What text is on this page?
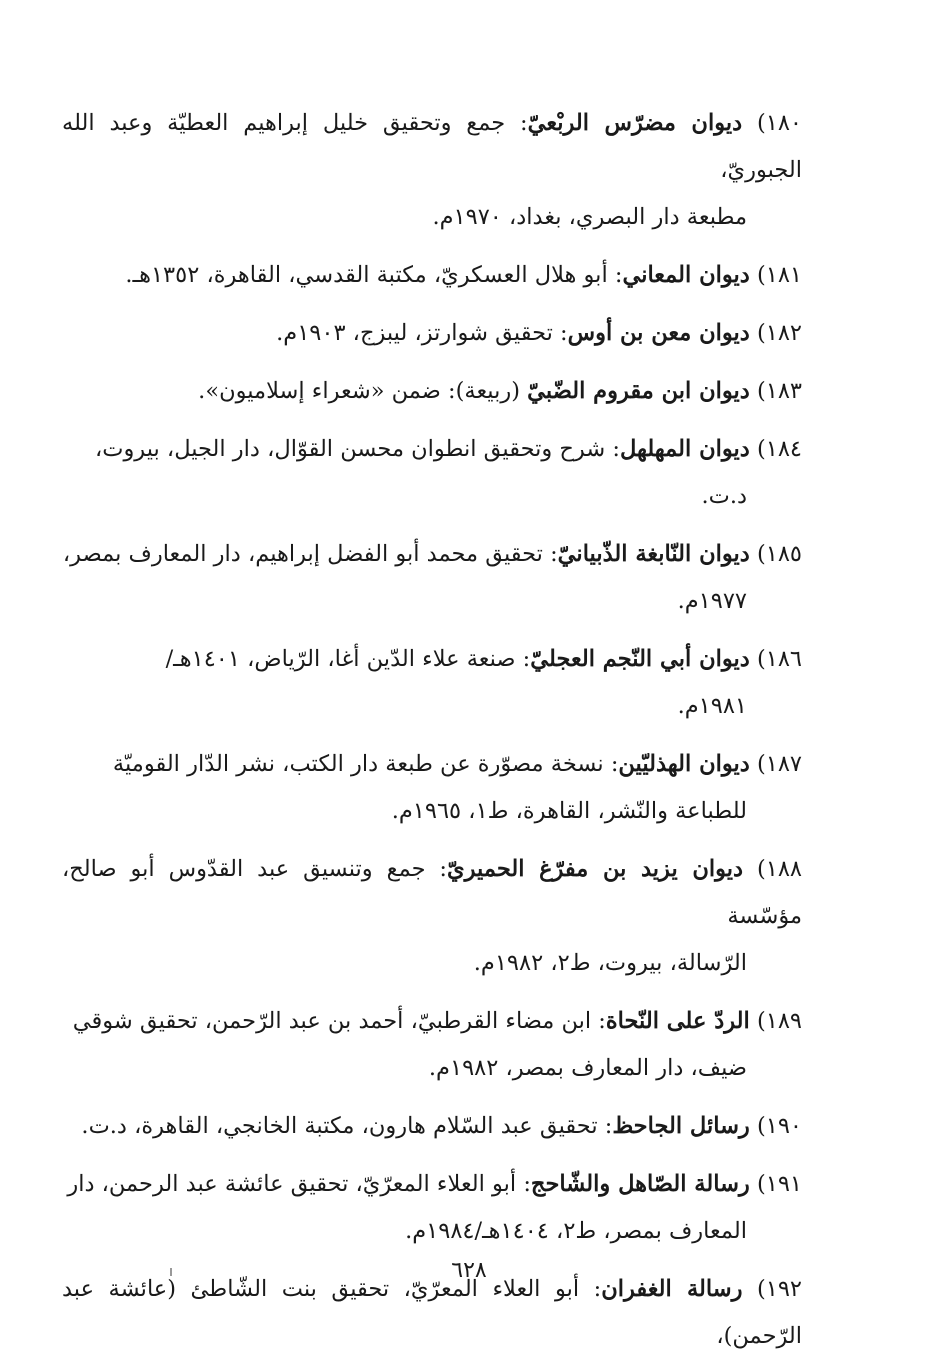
١٨٠) ديوان مضرّس الربْعيّ: جمع وتحقيق خليل إبراهيم العطيّة وعبد الله الجبوريّ،
مطبعة دار البصري، بغداد، ١٩٧٠م.
١٨١) ديوان المعاني: أبو هلال العسكريّ، مكتبة القدسي، القاهرة، ١٣٥٢هـ.
١٨٢) ديوان معن بن أوس: تحقيق شوارتز، ليبزج، ١٩٠٣م.
١٨٣) ديوان ابن مقروم الضّبيّ (ربيعة): ضمن «شعراء إسلاميون».
١٨٤) ديوان المهلهل: شرح وتحقيق انطوان محسن القوّال، دار الجيل، بيروت،
د.ت.
١٨٥) ديوان النّابغة الذّبيانيّ: تحقيق محمد أبو الفضل إبراهيم، دار المعارف بمصر،
١٩٧٧م.
١٨٦) ديوان أبي النّجم العجليّ: صنعة علاء الدّين أغا، الرّياض، ١٤٠١هـ/
١٩٨١م.
١٨٧) ديوان الهذليّين: نسخة مصوّرة عن طبعة دار الكتب، نشر الدّار القوميّة
للطباعة والنّشر، القاهرة، ط١، ١٩٦٥م.
١٨٨) ديوان يزيد بن مفرّغ الحميريّ: جمع وتنسيق عبد القدّوس أبو صالح، مؤسّسة
الرّسالة، بيروت، ط٢، ١٩٨٢م.
١٨٩) الردّ على النّحاة: ابن مضاء القرطبيّ، أحمد بن عبد الرّحمن، تحقيق شوقي
ضيف، دار المعارف بمصر، ١٩٨٢م.
١٩٠) رسائل الجاحظ: تحقيق عبد السّلام هارون، مكتبة الخانجي، القاهرة، د.ت.
١٩١) رسالة الصّاهل والشّاحج: أبو العلاء المعرّيّ، تحقيق عائشة عبد الرحمن، دار
المعارف بمصر، ط٢، ١٤٠٤هـ/١٩٨٤م.
١٩٢) رسالة الغفران: أبو العلاء المعرّيّ، تحقيق بنت الشّاطئ (عائشة عبد الرّحمن)،
٦٢٨
